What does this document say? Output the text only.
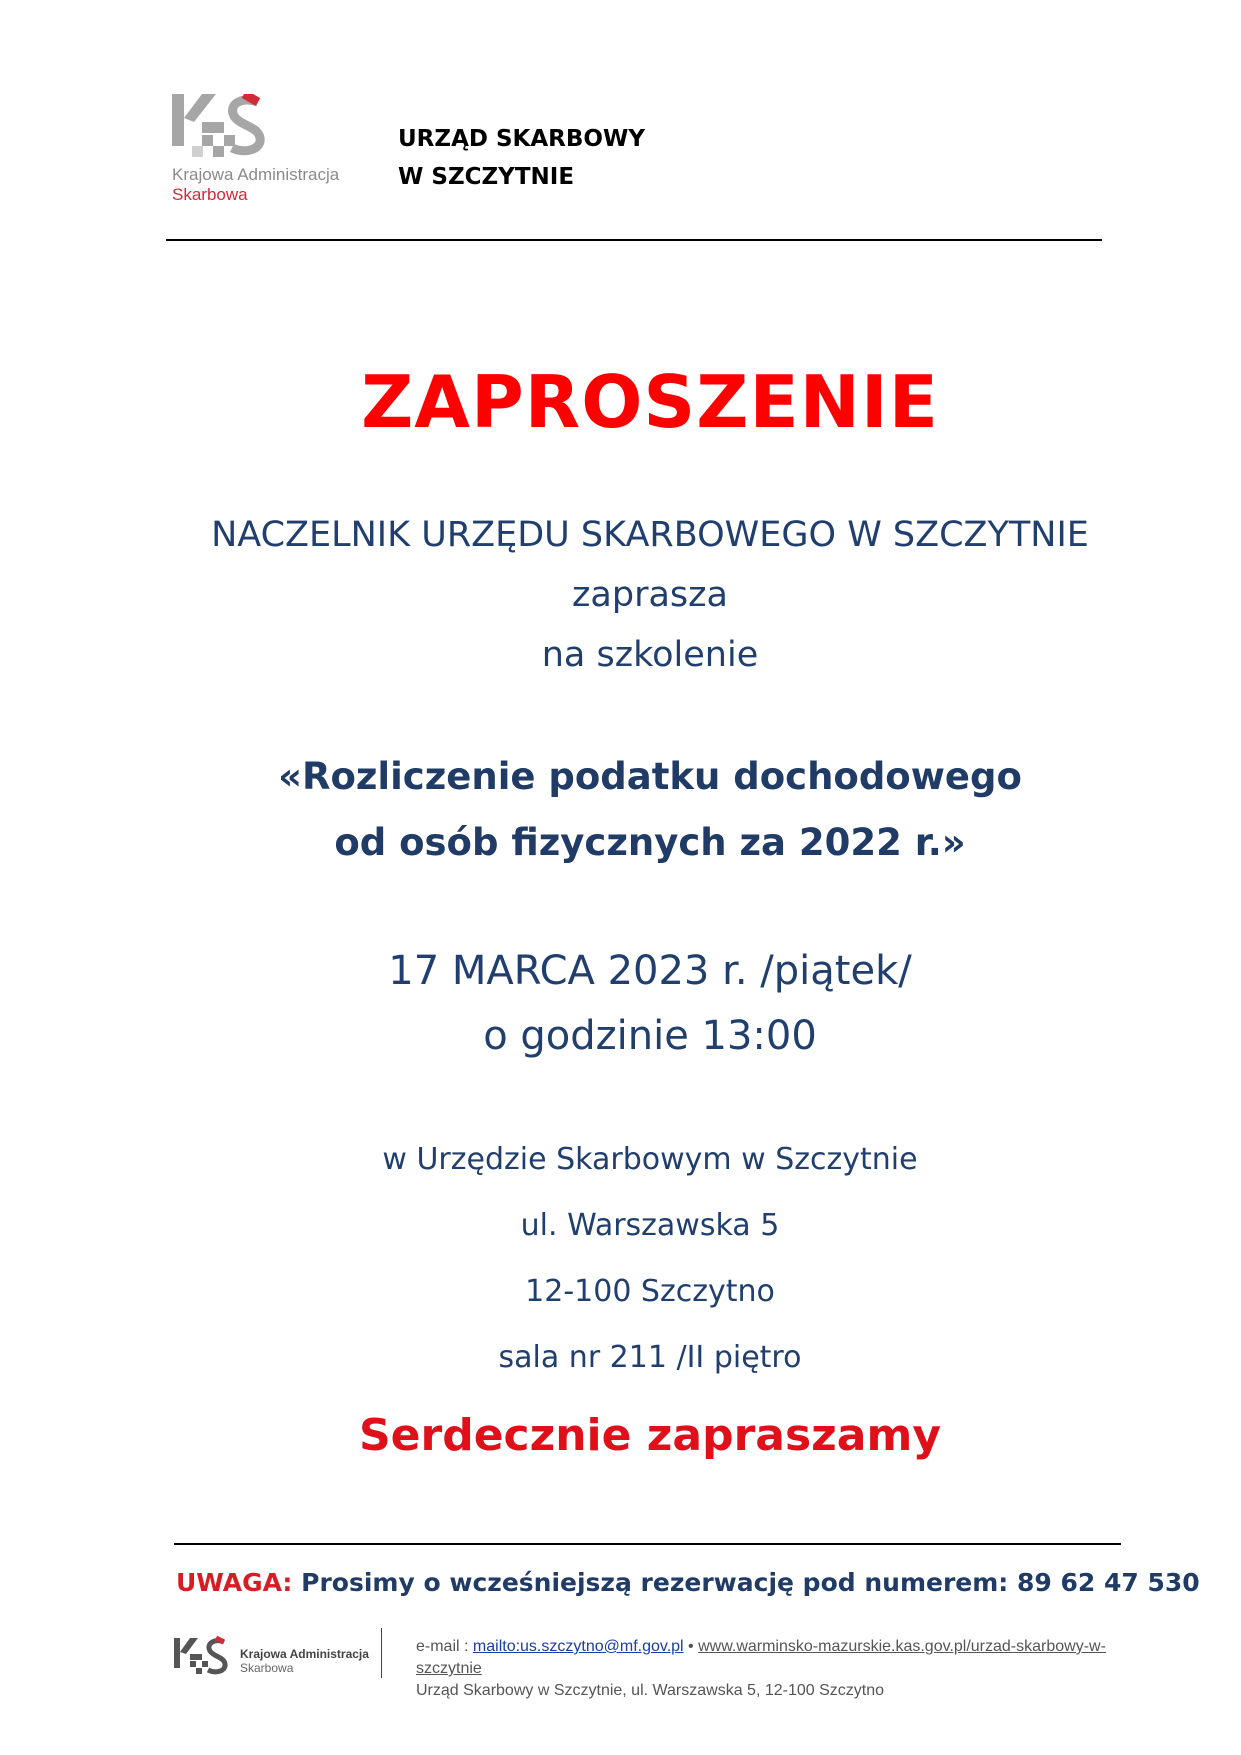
Krajowa Administracja
Skarbowa
URZĄD SKARBOWY
W SZCZYTNIE
ZAPROSZENIE
NACZELNIK URZĘDU SKARBOWEGO W SZCZYTNIE
zaprasza
na szkolenie
«Rozliczenie podatku dochodowego
od osób fizycznych za 2022 r.»
17 MARCA 2023 r. /piątek/
o godzinie 13:00
w Urzędzie Skarbowym w Szczytnie
ul. Warszawska 5
12-100 Szczytno
sala nr 211 /II piętro
Serdecznie zapraszamy
UWAGA: Prosimy o wcześniejszą rezerwację pod numerem: 89 62 47 530
Krajowa Administracja
Skarbowa
e-mail : mailto:us.szczytno@mf.gov.pl • www.warminsko-mazurskie.kas.gov.pl/urzad-skarbowy-w-szczytnie
Urząd Skarbowy w Szczytnie, ul. Warszawska 5, 12-100 Szczytno
